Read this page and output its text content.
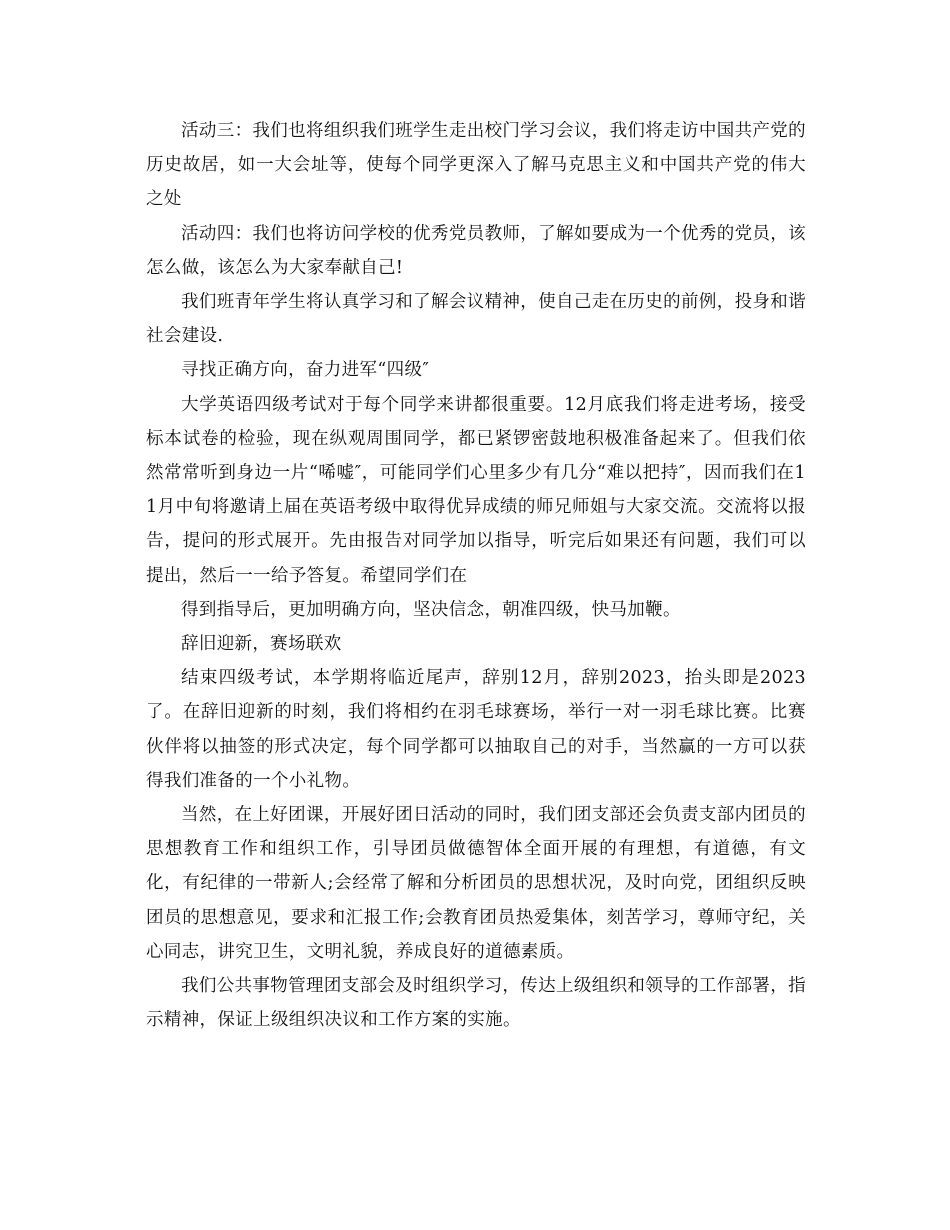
活动三：我们也将组织我们班学生走出校门学习会议，我们将走访中国共产党的历史故居，如一大会址等，使每个同学更深入了解马克思主义和中国共产党的伟大之处

活动四：我们也将访问学校的优秀党员教师，了解如要成为一个优秀的党员，该怎么做，该怎么为大家奉献自己!

我们班青年学生将认真学习和了解会议精神，使自己走在历史的前例，投身和谐社会建设.

寻找正确方向，奋力进军“四级″

大学英语四级考试对于每个同学来讲都很重要。12月底我们将走进考场，接受标本试卷的检验，现在纵观周围同学，都已紧锣密鼓地积极准备起来了。但我们依然常常听到身边一片“唏嘘″，可能同学们心里多少有几分“难以把持″，因而我们在11月中旬将邀请上届在英语考级中取得优异成绩的师兄师姐与大家交流。交流将以报告，提问的形式展开。先由报告对同学加以指导，听完后如果还有问题，我们可以提出，然后一一给予答复。希望同学们在

得到指导后，更加明确方向，坚决信念，朝准四级，快马加鞭。

辞旧迎新，赛场联欢

结束四级考试，本学期将临近尾声，辞别12月，辞别2023，抬头即是2023了。在辞旧迎新的时刻，我们将相约在羽毛球赛场，举行一对一羽毛球比赛。比赛伙伴将以抽签的形式决定，每个同学都可以抽取自己的对手，当然赢的一方可以获得我们准备的一个小礼物。

当然，在上好团课，开展好团日活动的同时，我们团支部还会负责支部内团员的思想教育工作和组织工作，引导团员做德智体全面开展的有理想，有道德，有文化，有纪律的一带新人;会经常了解和分析团员的思想状况，及时向党，团组织反映团员的思想意见，要求和汇报工作;会教育团员热爱集体，刻苦学习，尊师守纪，关心同志，讲究卫生，文明礼貌，养成良好的道德素质。

我们公共事物管理团支部会及时组织学习，传达上级组织和领导的工作部署，指示精神，保证上级组织决议和工作方案的实施。
